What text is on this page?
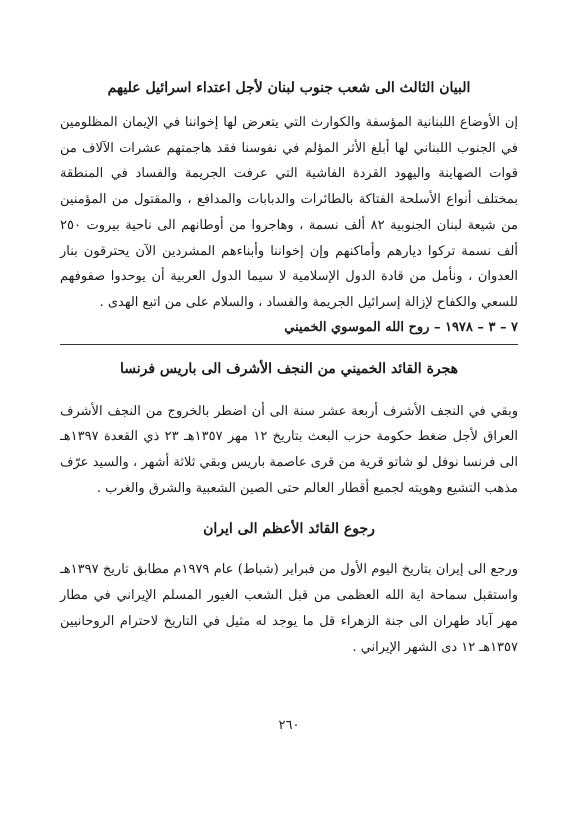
البيان الثالث الى شعب جنوب لبنان لأجل اعتداء اسرائيل عليهم

إن الأوضاع اللبنانية المؤسفة والكوارث التي يتعرض لها إخواننا في الإيمان المظلومين في الجنوب اللبناني لها أبلغ الأثر المؤلم في نفوسنا فقد هاجمتهم عشرات الآلاف من قوات الصهاينة واليهود القردة الفاشية التي عرفت الجريمة والفساد في المنطقة بمختلف أنواع الأسلحة الفتاكة بالطائرات والدبابات والمدافع ، والمقتول من المؤمنين من شيعة لبنان الجنوبية ٨٢ ألف نسمة ، وهاجروا من أوطانهم الى ناحية بيروت ٢٥٠ ألف نسمة تركوا ديارهم وأماكنهم وإن إخواننا وأبناءهم المشردين الآن يحترقون بنار العدوان ، ونأمل من قادة الدول الإسلامية لا سيما الدول العربية أن يوحدوا صفوفهم للسعي والكفاح لإزالة إسرائيل الجريمة والفساد ، والسلام على من اتبع الهدى .

٧ – ٣ – ١٩٧٨ – روح الله الموسوي الخميني

هجرة القائد الخميني من النجف الأشرف الى باريس فرنسا

وبقي في النجف الأشرف أربعة عشر سنة الى أن اضطر بالخروج من النجف الأشرف العراق لأجل ضغط حكومة حزب البعث بتاريخ ١٢ مهر ١٣٥٧هـ ٢٣ ذي القعدة ١٣٩٧هـ الى فرنسا نوفل لو شاتو قرية من قرى عاصمة باريس وبقي ثلاثة أشهر ، والسيد عرّف مذهب التشيع وهويته لجميع أقطار العالم حتى الصين الشعبية والشرق والغرب .

رجوع القائد الأعظم الى ايران

ورجع الى إيران بتاريخ اليوم الأول من فبراير (شباط) عام ١٩٧٩م مطابق تاريخ ١٣٩٧هـ واستقبل سماحة اية الله العظمى من قبل الشعب الغيور المسلم الإيراني في مطار مهر آباد طهران الى جنة الزهراء قل ما يوجد له مثيل في التاريخ لاحترام الروحانيين ١٣٥٧هـ ١٢ دى الشهر الإيراني .

٢٦٠
